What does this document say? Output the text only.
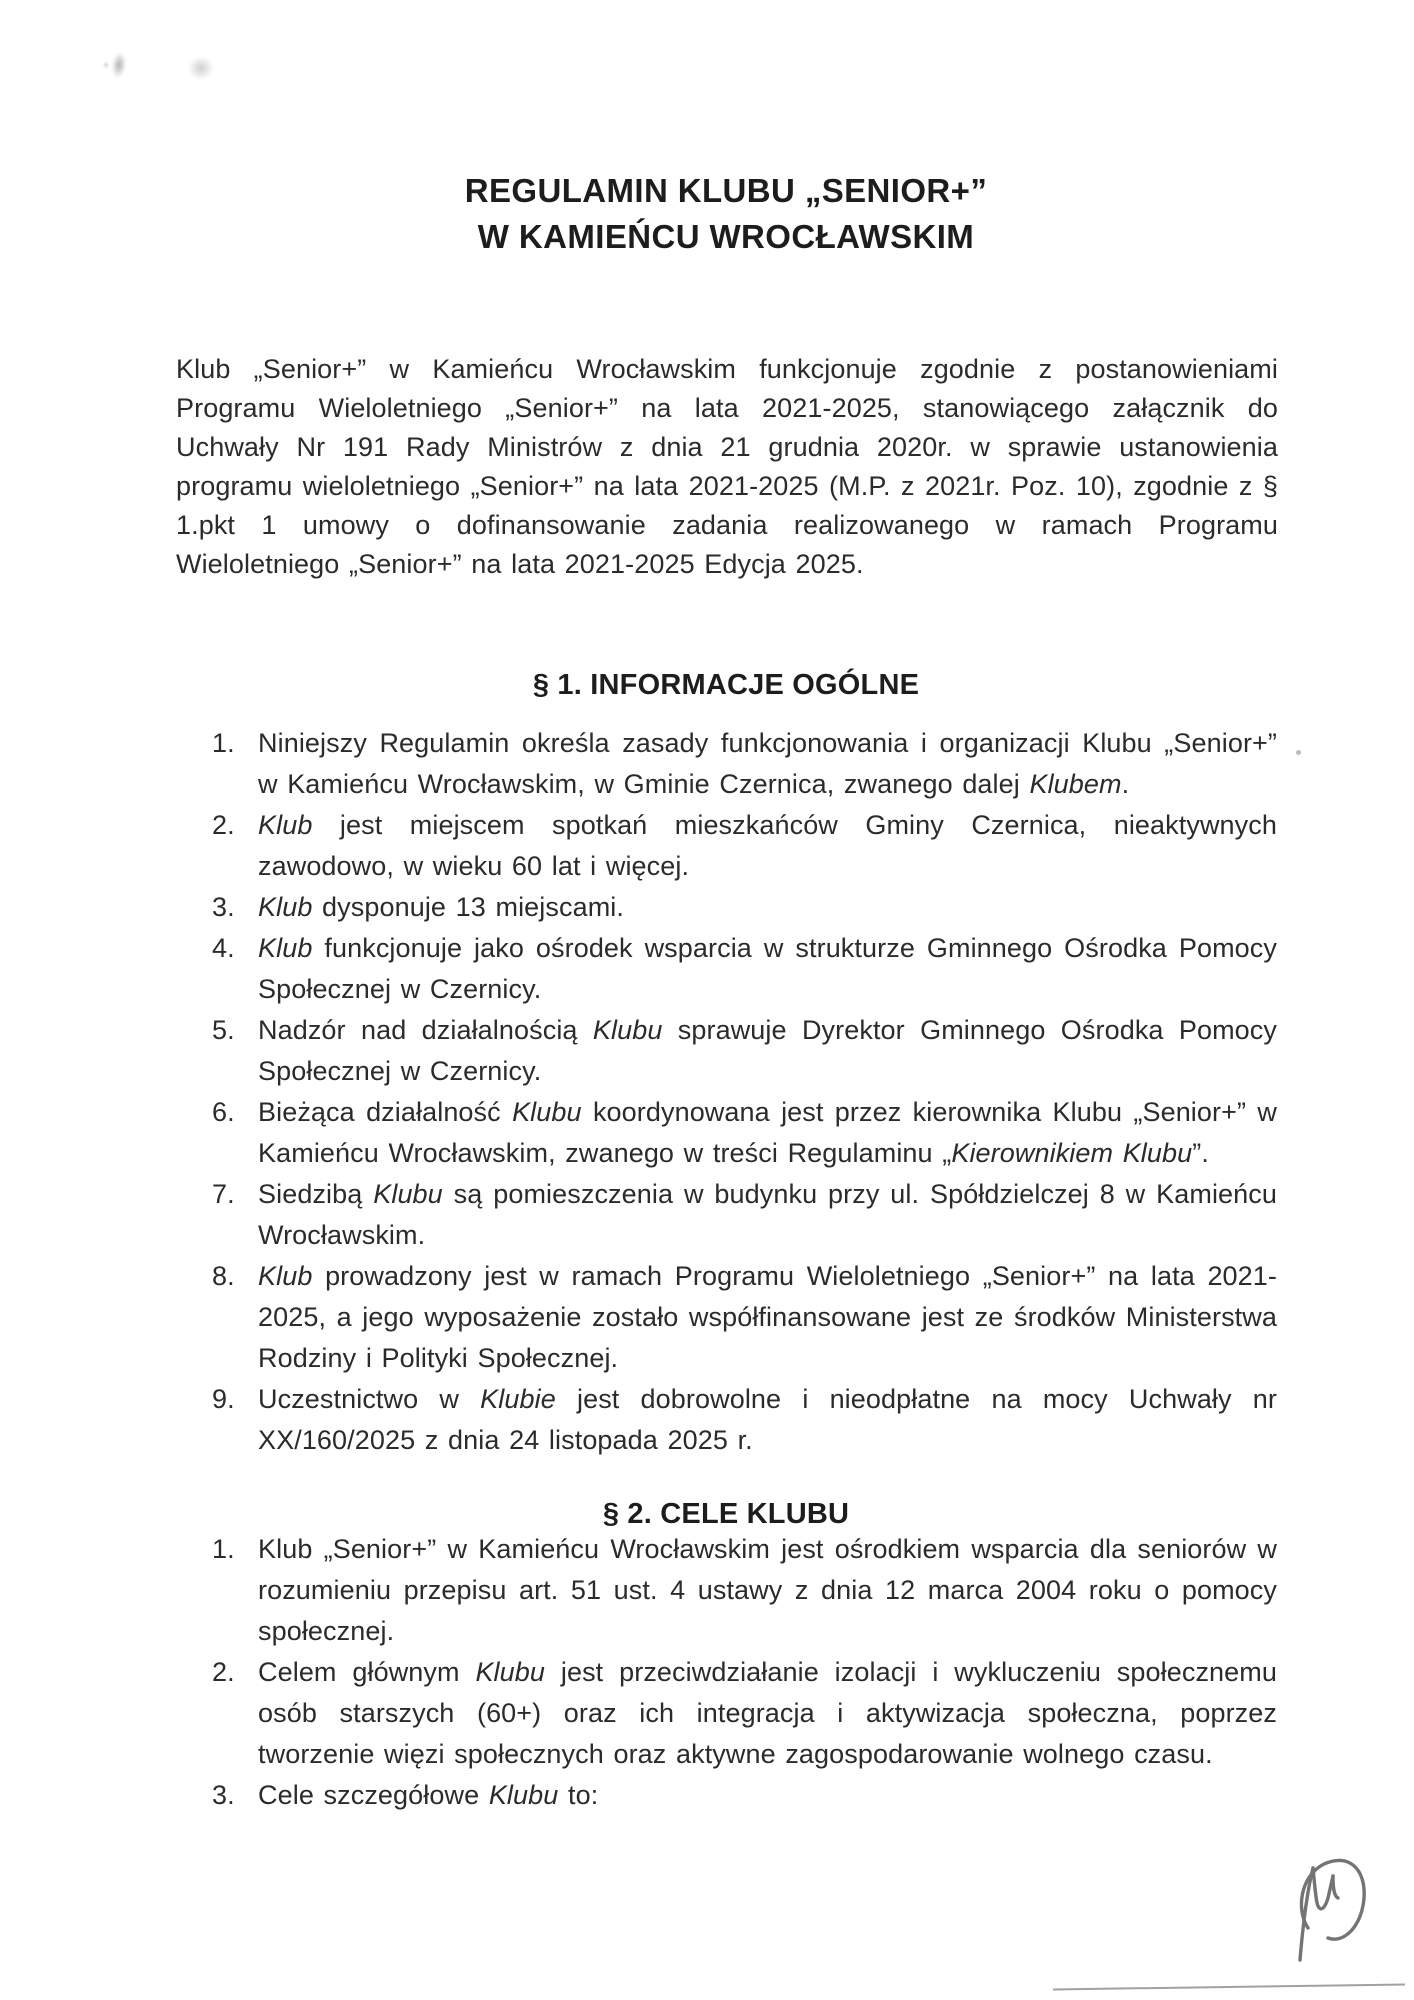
REGULAMIN KLUBU „SENIOR+”
W KAMIEŃCU WROCŁAWSKIM

Klub „Senior+” w Kamieńcu Wrocławskim funkcjonuje zgodnie z postanowieniami Programu Wieloletniego „Senior+” na lata 2021-2025, stanowiącego załącznik do Uchwały Nr 191 Rady Ministrów z dnia 21 grudnia 2020r. w sprawie ustanowienia programu wieloletniego „Senior+” na lata 2021-2025 (M.P. z 2021r. Poz. 10), zgodnie z § 1.pkt 1 umowy o dofinansowanie zadania realizowanego w ramach Programu Wieloletniego „Senior+” na lata 2021-2025 Edycja 2025.

§ 1. INFORMACJE OGÓLNE
1. Niniejszy Regulamin określa zasady funkcjonowania i organizacji Klubu „Senior+” w Kamieńcu Wrocławskim, w Gminie Czernica, zwanego dalej Klubem.
2. Klub jest miejscem spotkań mieszkańców Gminy Czernica, nieaktywnych zawodowo, w wieku 60 lat i więcej.
3. Klub dysponuje 13 miejscami.
4. Klub funkcjonuje jako ośrodek wsparcia w strukturze Gminnego Ośrodka Pomocy Społecznej w Czernicy.
5. Nadzór nad działalnością Klubu sprawuje Dyrektor Gminnego Ośrodka Pomocy Społecznej w Czernicy.
6. Bieżąca działalność Klubu koordynowana jest przez kierownika Klubu „Senior+” w Kamieńcu Wrocławskim, zwanego w treści Regulaminu „Kierownikiem Klubu”.
7. Siedzibą Klubu są pomieszczenia w budynku przy ul. Spółdzielczej 8 w Kamieńcu Wrocławskim.
8. Klub prowadzony jest w ramach Programu Wieloletniego „Senior+” na lata 2021-2025, a jego wyposażenie zostało współfinansowane jest ze środków Ministerstwa Rodziny i Polityki Społecznej.
9. Uczestnictwo w Klubie jest dobrowolne i nieodpłatne na mocy Uchwały nr XX/160/2025 z dnia 24 listopada 2025 r.
§ 2. CELE KLUBU
1. Klub „Senior+” w Kamieńcu Wrocławskim jest ośrodkiem wsparcia dla seniorów w rozumieniu przepisu art. 51 ust. 4 ustawy z dnia 12 marca 2004 roku o pomocy społecznej.
2. Celem głównym Klubu jest przeciwdziałanie izolacji i wykluczeniu społecznemu osób starszych (60+) oraz ich integracja i aktywizacja społeczna, poprzez tworzenie więzi społecznych oraz aktywne zagospodarowanie wolnego czasu.
3. Cele szczegółowe Klubu to:
